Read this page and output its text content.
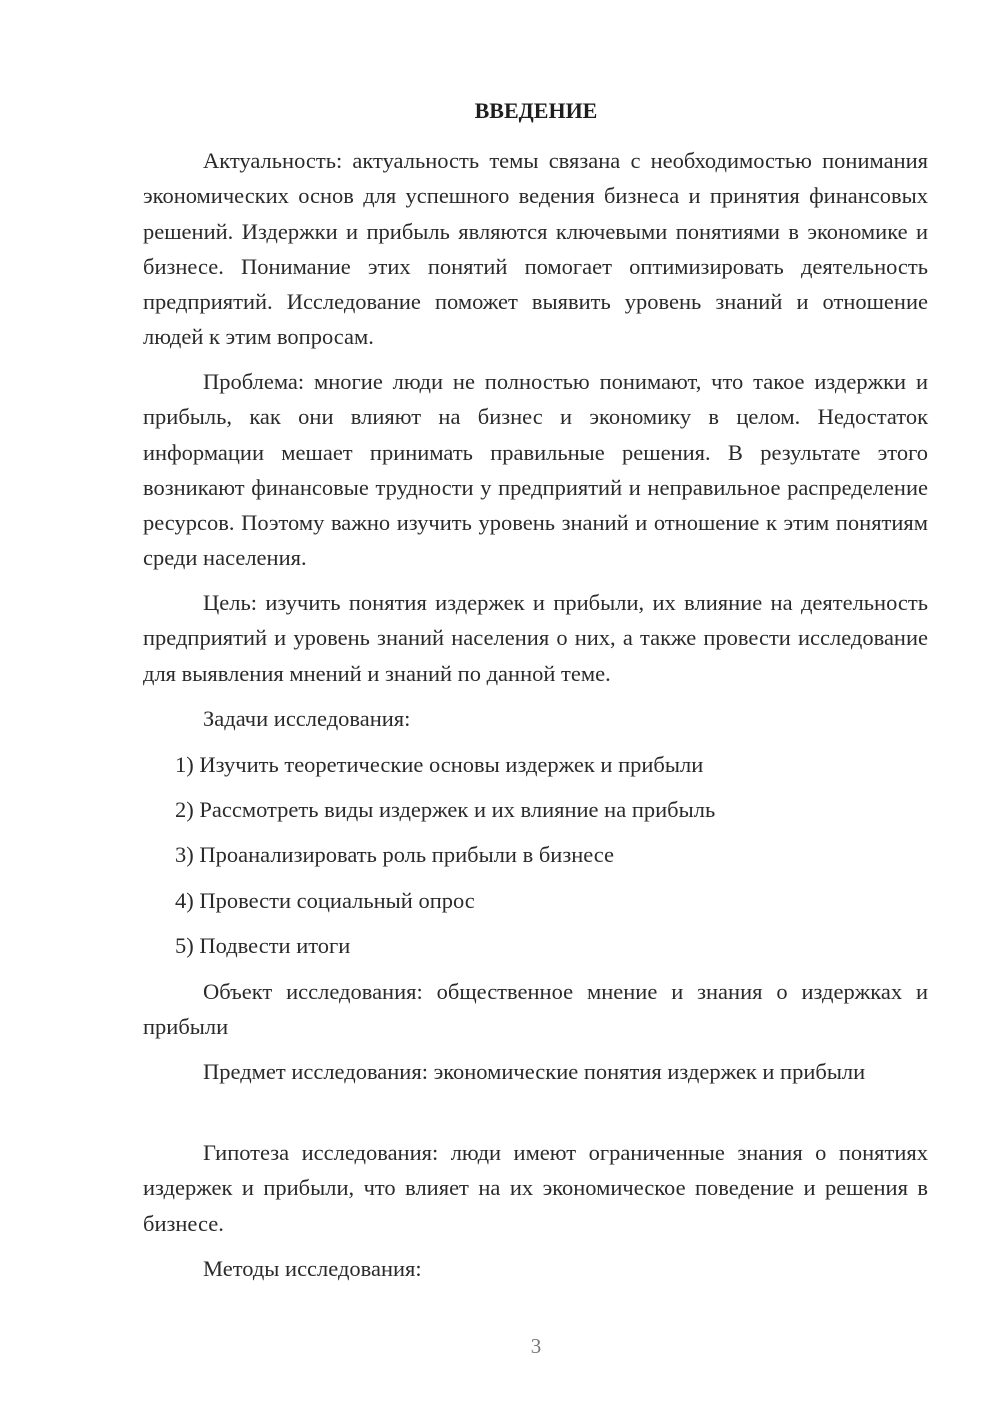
ВВЕДЕНИЕ

Актуальность: актуальность темы связана с необходимостью понимания экономических основ для успешного ведения бизнеса и принятия финансовых решений. Издержки и прибыль являются ключевыми понятиями в экономике и бизнесе. Понимание этих понятий помогает оптимизировать деятельность предприятий. Исследование поможет выявить уровень знаний и отношение людей к этим вопросам.

Проблема: многие люди не полностью понимают, что такое издержки и прибыль, как они влияют на бизнес и экономику в целом. Недостаток информации мешает принимать правильные решения. В результате этого возникают финансовые трудности у предприятий и неправильное распределение ресурсов. Поэтому важно изучить уровень знаний и отношение к этим понятиям среди населения.

Цель: изучить понятия издержек и прибыли, их влияние на деятельность предприятий и уровень знаний населения о них, а также провести исследование для выявления мнений и знаний по данной теме.

Задачи исследования:

1) Изучить теоретические основы издержек и прибыли

2) Рассмотреть виды издержек и их влияние на прибыль

3) Проанализировать роль прибыли в бизнесе

4) Провести социальный опрос

5) Подвести итоги

Объект исследования: общественное мнение и знания о издержках и прибыли

Предмет исследования: экономические понятия издержек и прибыли

Гипотеза исследования: люди имеют ограниченные знания о понятиях издержек и прибыли, что влияет на их экономическое поведение и решения в бизнесе.

Методы исследования:

3
